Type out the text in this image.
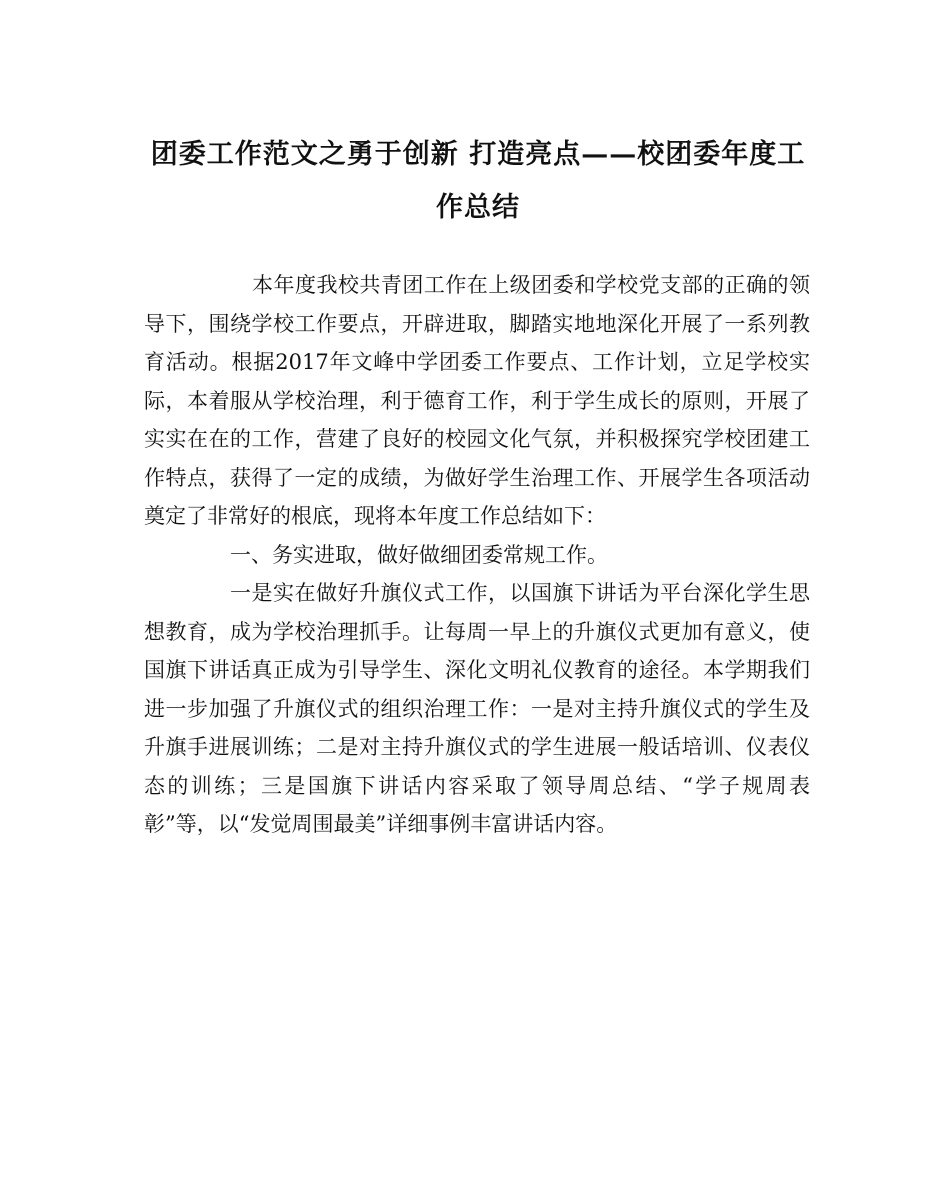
团委工作范文之勇于创新 打造亮点——校团委年度工作总结

本年度我校共青团工作在上级团委和学校党支部的正确的领导下，围绕学校工作要点，开辟进取，脚踏实地地深化开展了一系列教育活动。根据2017年文峰中学团委工作要点、工作计划，立足学校实际，本着服从学校治理，利于德育工作，利于学生成长的原则，开展了实实在在的工作，营建了良好的校园文化气氛，并积极探究学校团建工作特点，获得了一定的成绩，为做好学生治理工作、开展学生各项活动奠定了非常好的根底，现将本年度工作总结如下：

一、务实进取，做好做细团委常规工作。

一是实在做好升旗仪式工作，以国旗下讲话为平台深化学生思想教育，成为学校治理抓手。让每周一早上的升旗仪式更加有意义，使国旗下讲话真正成为引导学生、深化文明礼仪教育的途径。本学期我们进一步加强了升旗仪式的组织治理工作：一是对主持升旗仪式的学生及升旗手进展训练；二是对主持升旗仪式的学生进展一般话培训、仪表仪态的训练；三是国旗下讲话内容采取了领导周总结、“学子规周表彰”等，以“发觉周围最美”详细事例丰富讲话内容。
